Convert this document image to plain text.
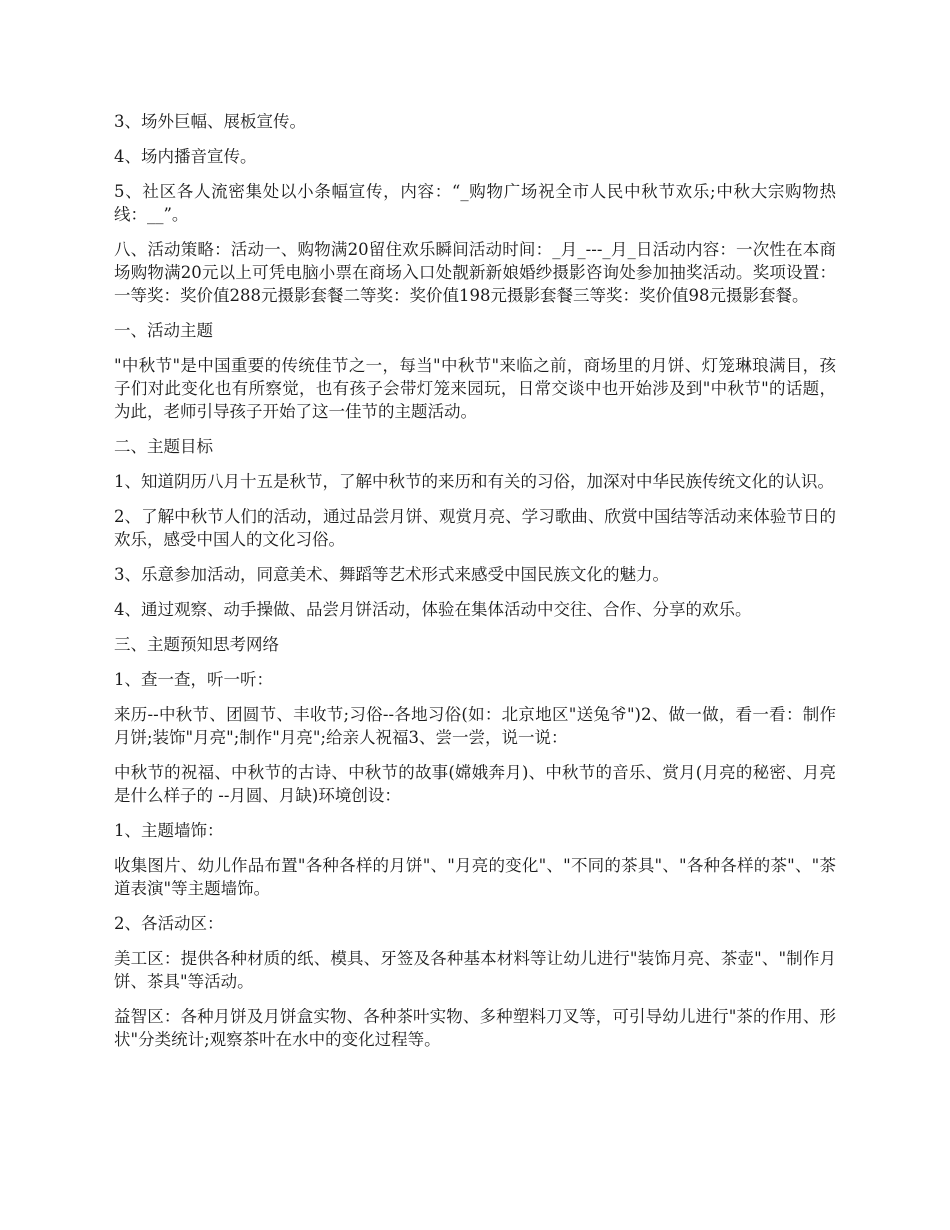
3、场外巨幅、展板宣传。

4、场内播音宣传。

5、社区各人流密集处以小条幅宣传，内容：“_购物广场祝全市人民中秋节欢乐;中秋大宗购物热线：__”。

八、活动策略：活动一、购物满20留住欢乐瞬间活动时间：_月_---_月_日活动内容：一次性在本商场购物满20元以上可凭电脑小票在商场入口处靓新新娘婚纱摄影咨询处参加抽奖活动。奖项设置：一等奖：奖价值288元摄影套餐二等奖：奖价值198元摄影套餐三等奖：奖价值98元摄影套餐。

一、活动主题

"中秋节"是中国重要的传统佳节之一，每当"中秋节"来临之前，商场里的月饼、灯笼琳琅满目，孩子们对此变化也有所察觉，也有孩子会带灯笼来园玩，日常交谈中也开始涉及到"中秋节"的话题，为此，老师引导孩子开始了这一佳节的主题活动。

二、主题目标

1、知道阴历八月十五是秋节，了解中秋节的来历和有关的习俗，加深对中华民族传统文化的认识。

2、了解中秋节人们的活动，通过品尝月饼、观赏月亮、学习歌曲、欣赏中国结等活动来体验节日的欢乐，感受中国人的文化习俗。

3、乐意参加活动，同意美术、舞蹈等艺术形式来感受中国民族文化的魅力。

4、通过观察、动手操做、品尝月饼活动，体验在集体活动中交往、合作、分享的欢乐。

三、主题预知思考网络

1、查一查，听一听：

来历--中秋节、团圆节、丰收节;习俗--各地习俗(如：北京地区"送兔爷")2、做一做，看一看：制作月饼;装饰"月亮";制作"月亮";给亲人祝福3、尝一尝，说一说：

中秋节的祝福、中秋节的古诗、中秋节的故事(嫦娥奔月)、中秋节的音乐、赏月(月亮的秘密、月亮是什么样子的 --月圆、月缺)环境创设：

1、主题墙饰：

收集图片、幼儿作品布置"各种各样的月饼"、"月亮的变化"、"不同的茶具"、"各种各样的茶"、"茶道表演"等主题墙饰。

2、各活动区：

美工区：提供各种材质的纸、模具、牙签及各种基本材料等让幼儿进行"装饰月亮、茶壶"、"制作月饼、茶具"等活动。

益智区：各种月饼及月饼盒实物、各种茶叶实物、多种塑料刀叉等，可引导幼儿进行"茶的作用、形状"分类统计;观察茶叶在水中的变化过程等。
